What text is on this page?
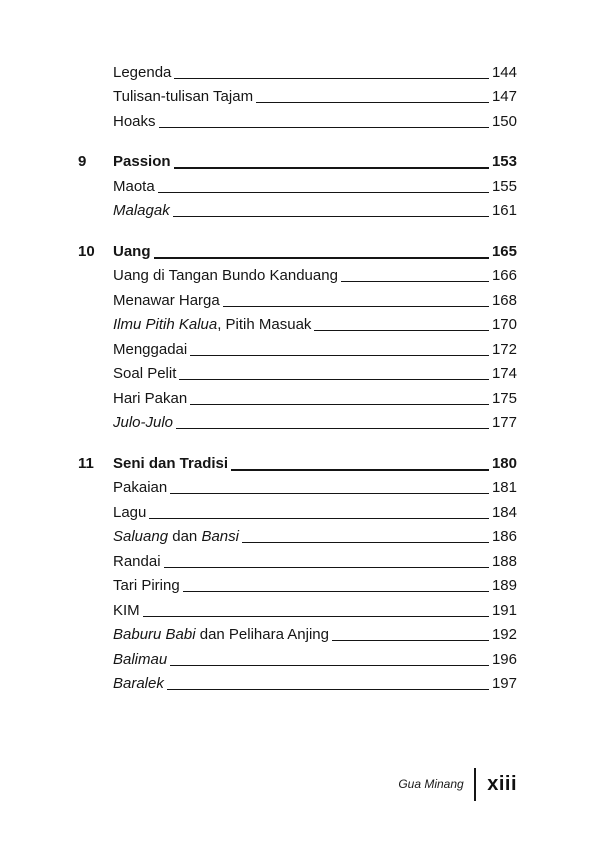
Legenda	144
Tulisan-tulisan Tajam	147
Hoaks	150
9	Passion	153
Maota	155
Malagak	161
10	Uang	165
Uang di Tangan Bundo Kanduang	166
Menawar Harga	168
Ilmu Pitih Kalua, Pitih Masuak	170
Menggadai	172
Soal Pelit	174
Hari Pakan	175
Julo-Julo	177
11	Seni dan Tradisi	180
Pakaian	181
Lagu	184
Saluang dan Bansi	186
Randai	188
Tari Piring	189
KIM	191
Baburu Babi dan Pelihara Anjing	192
Balimau	196
Baralek	197
Gua Minang xiii
